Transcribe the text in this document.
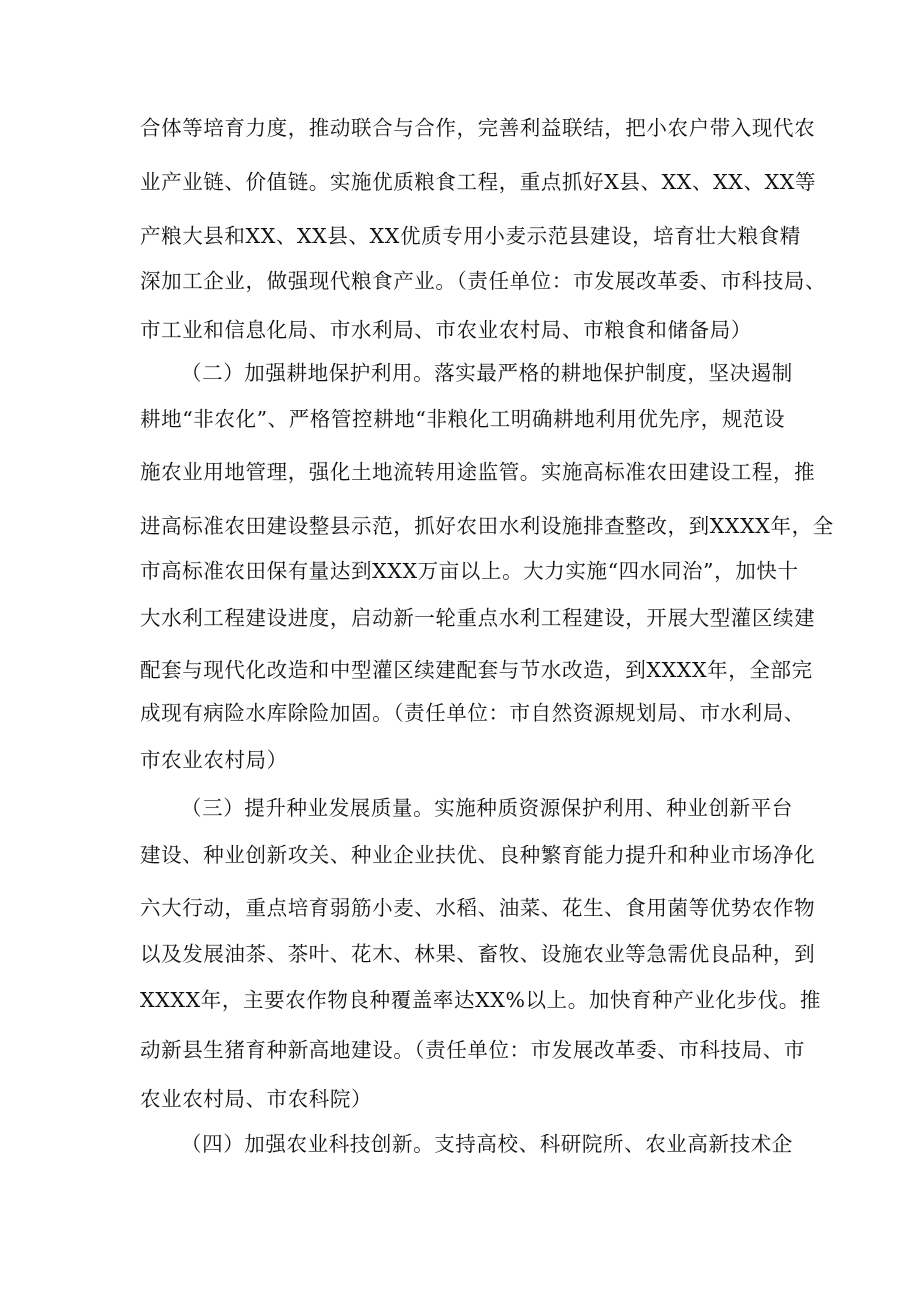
合体等培育力度，推动联合与合作，完善利益联结，把小农户带入现代农
业产业链、价值链。实施优质粮食工程，重点抓好X县、XX、XX、XX等
产粮大县和XX、XX县、XX优质专用小麦示范县建设，培育壮大粮食精
深加工企业，做强现代粮食产业。（责任单位：市发展改革委、市科技局、
市工业和信息化局、市水利局、市农业农村局、市粮食和储备局）
（二）加强耕地保护利用。落实最严格的耕地保护制度，坚决遏制
耕地“非农化”、严格管控耕地“非粮化工明确耕地利用优先序，规范设
施农业用地管理，强化土地流转用途监管。实施高标准农田建设工程，推
进高标准农田建设整县示范，抓好农田水利设施排查整改，到XXXX年，全
市高标准农田保有量达到XXX万亩以上。大力实施“四水同治”，加快十
大水利工程建设进度，启动新一轮重点水利工程建设，开展大型灌区续建
配套与现代化改造和中型灌区续建配套与节水改造，到XXXX年，全部完
成现有病险水库除险加固。（责任单位：市自然资源规划局、市水利局、
市农业农村局）
（三）提升种业发展质量。实施种质资源保护利用、种业创新平台
建设、种业创新攻关、种业企业扶优、良种繁育能力提升和种业市场净化
六大行动，重点培育弱筋小麦、水稻、油菜、花生、食用菌等优势农作物
以及发展油茶、茶叶、花木、林果、畜牧、设施农业等急需优良品种，到
XXXX年，主要农作物良种覆盖率达XX%以上。加快育种产业化步伐。推
动新县生猪育种新高地建设。（责任单位：市发展改革委、市科技局、市
农业农村局、市农科院）
（四）加强农业科技创新。支持高校、科研院所、农业高新技术企
